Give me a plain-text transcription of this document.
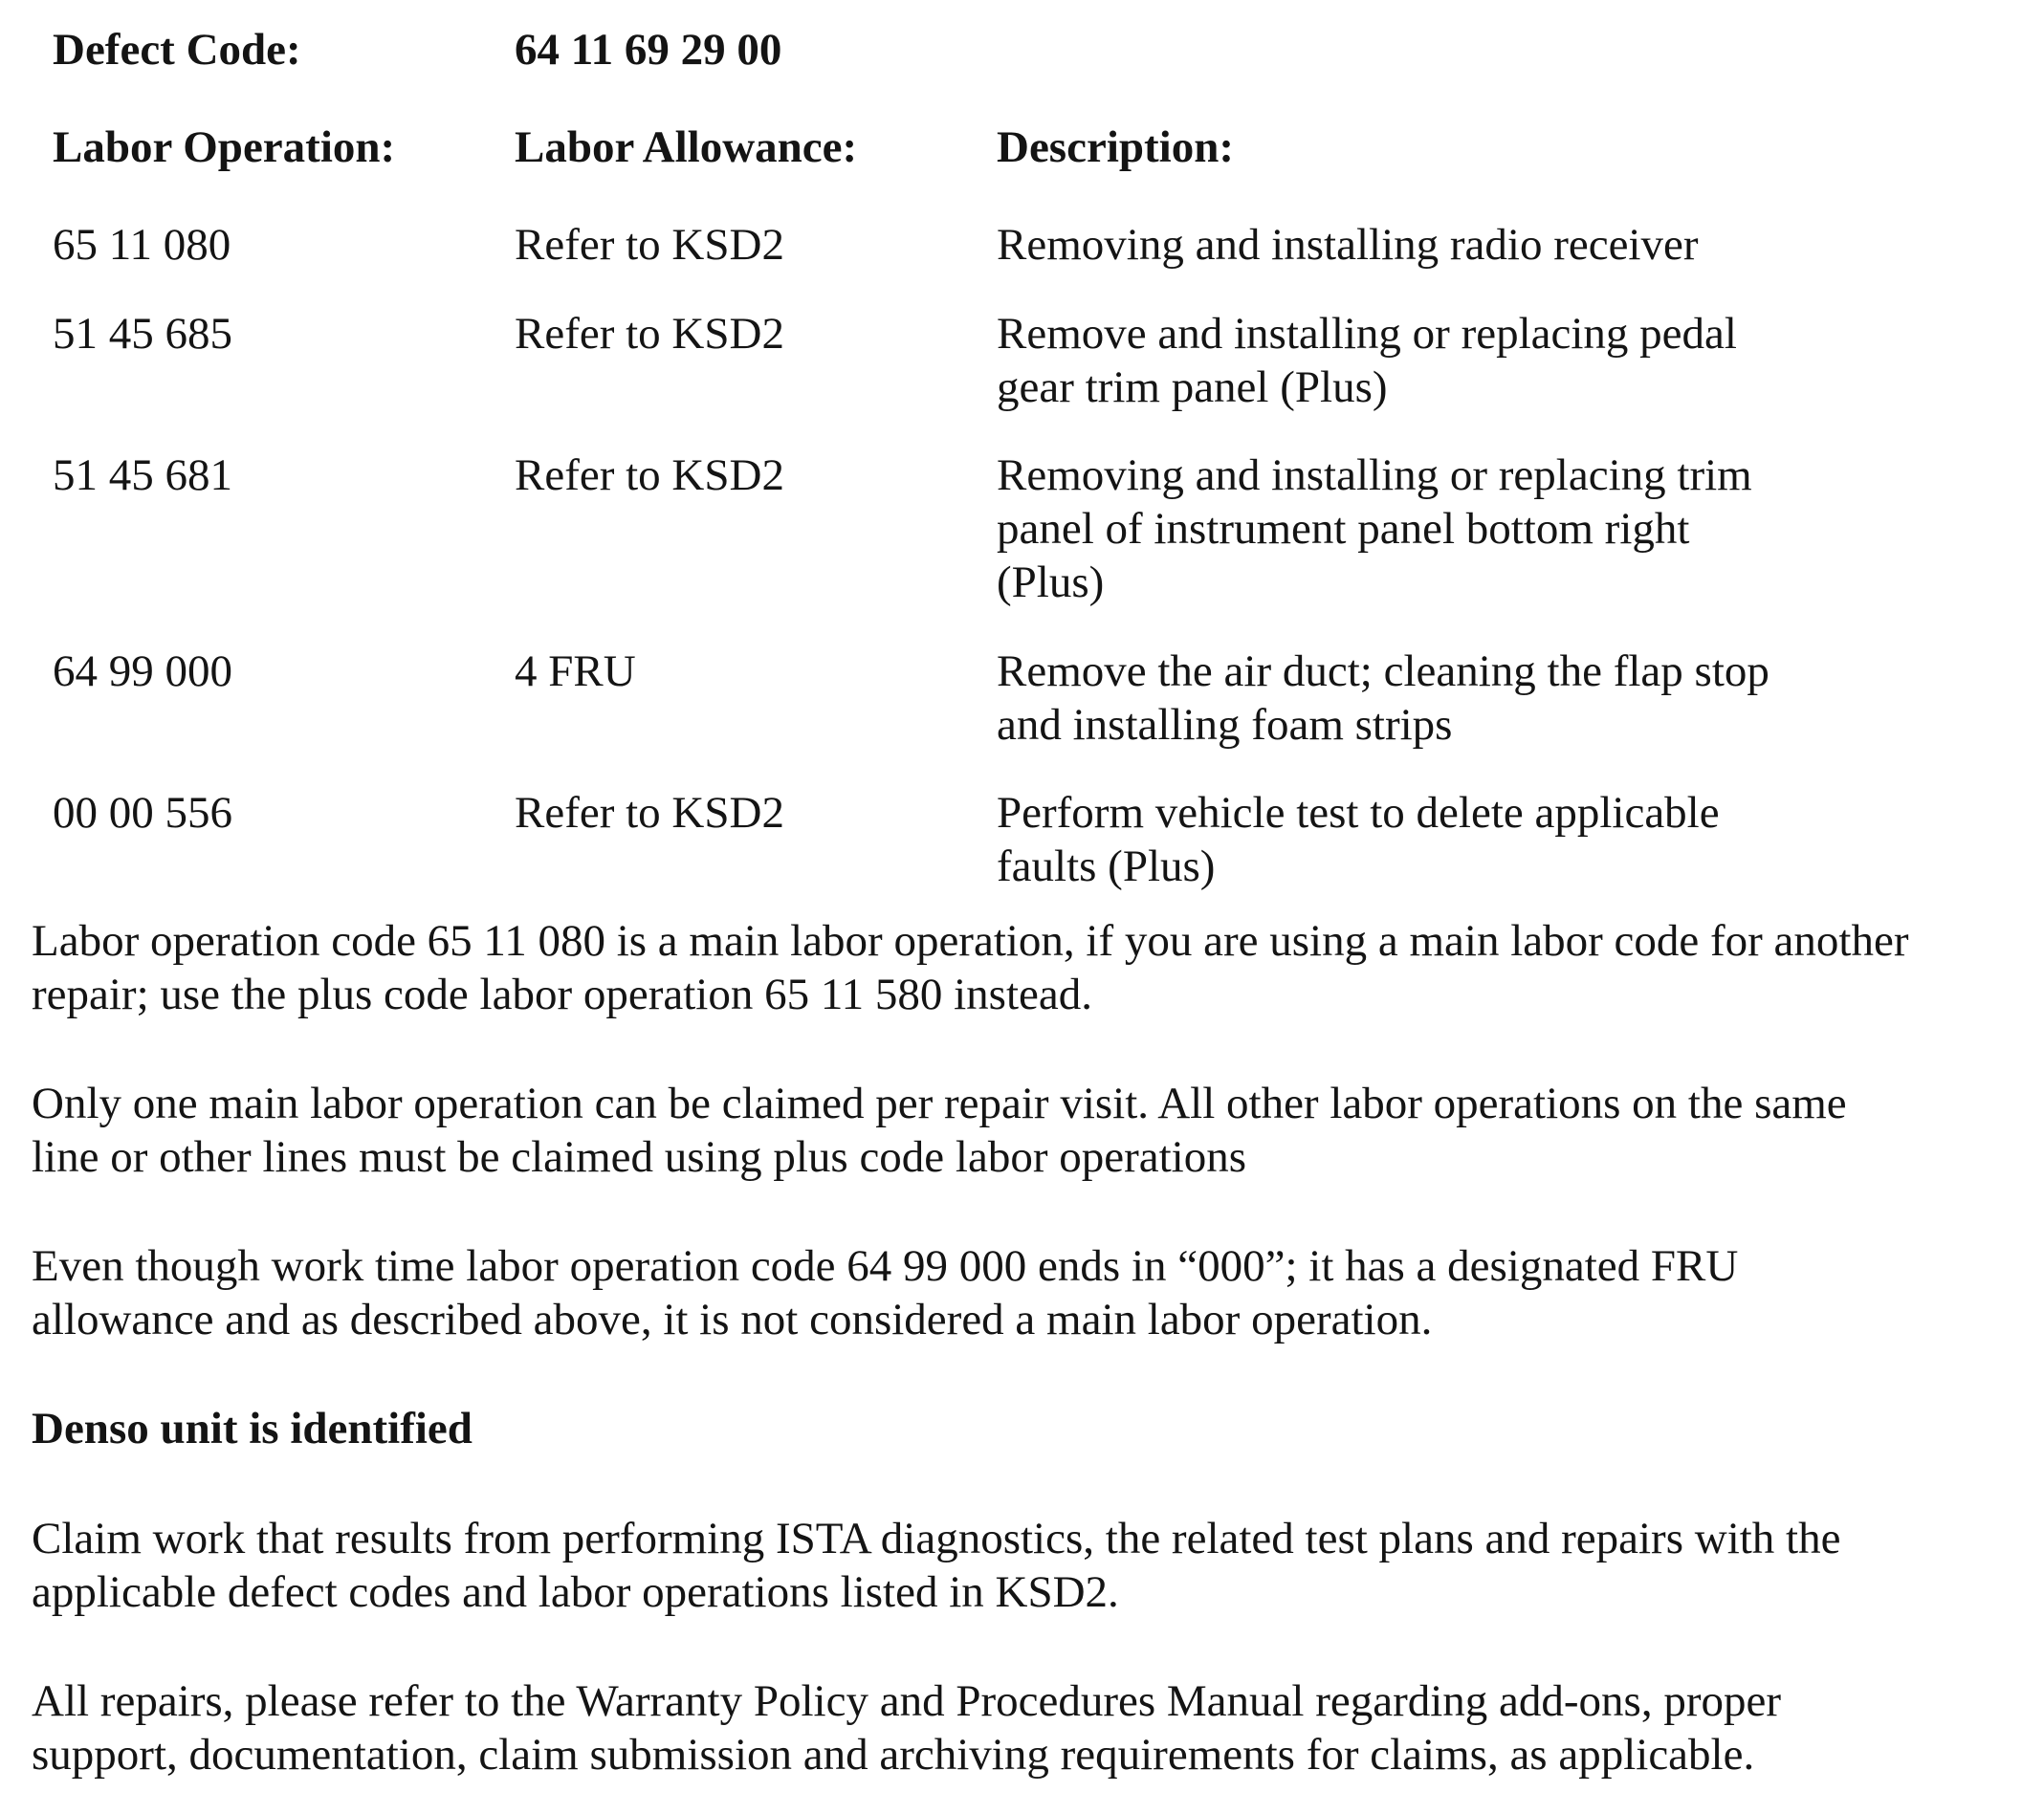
Defect Code:	64 11 69 29 00
Labor Operation:	Labor Allowance:	Description:
65 11 080	Refer to KSD2	Removing and installing radio receiver
51 45 685	Refer to KSD2	Remove and installing or replacing pedal
gear trim panel (Plus)
51 45 681	Refer to KSD2	Removing and installing or replacing trim
panel of instrument panel bottom right
(Plus)
64 99 000	4 FRU	Remove the air duct; cleaning the flap stop
and installing foam strips
00 00 556	Refer to KSD2	Perform vehicle test to delete applicable
faults (Plus)
Labor operation code 65 11 080 is a main labor operation, if you are using a main labor code for another
repair; use the plus code labor operation 65 11 580 instead.
Only one main labor operation can be claimed per repair visit. All other labor operations on the same
line or other lines must be claimed using plus code labor operations
Even though work time labor operation code 64 99 000 ends in “000”; it has a designated FRU
allowance and as described above, it is not considered a main labor operation.
Denso unit is identified
Claim work that results from performing ISTA diagnostics, the related test plans and repairs with the
applicable defect codes and labor operations listed in KSD2.
All repairs, please refer to the Warranty Policy and Procedures Manual regarding add-ons, proper
support, documentation, claim submission and archiving requirements for claims, as applicable.
